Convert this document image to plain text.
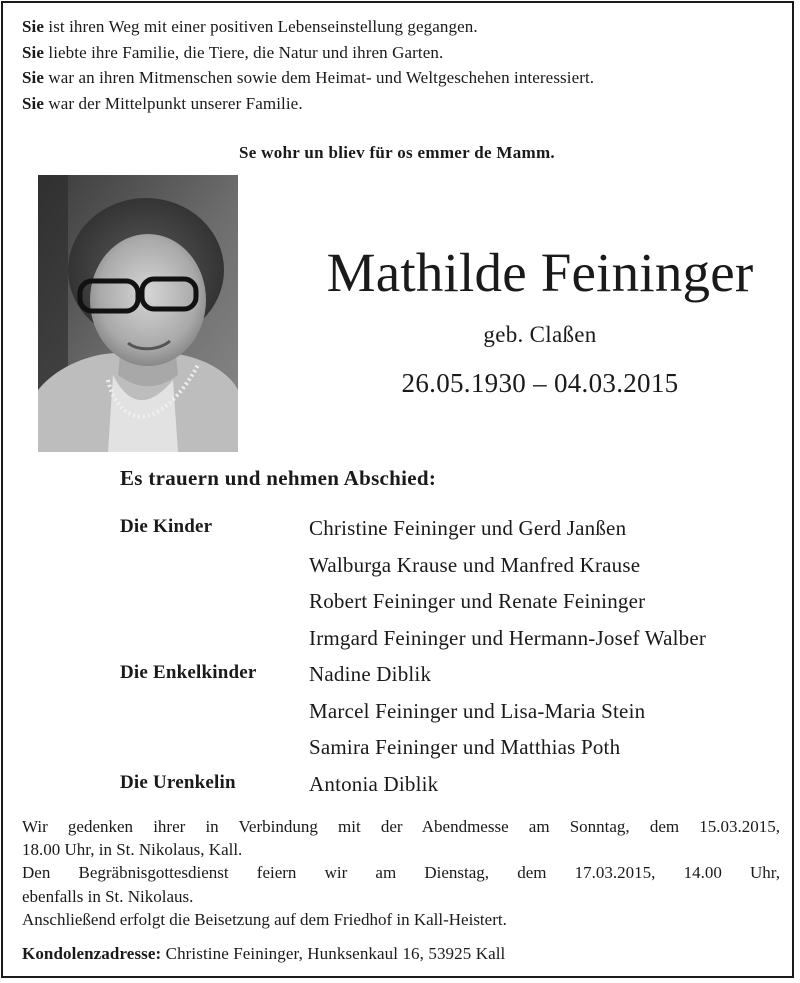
Sie ist ihren Weg mit einer positiven Lebenseinstellung gegangen.
Sie liebte ihre Familie, die Tiere, die Natur und ihren Garten.
Sie war an ihren Mitmenschen sowie dem Heimat- und Weltgeschehen interessiert.
Sie war der Mittelpunkt unserer Familie.
Se wohr un bliev für os emmer de Mamm.
Mathilde Feininger
geb. Claßen
26.05.1930 – 04.03.2015
Es trauern und nehmen Abschied:
Die Kinder	Christine Feininger und Gerd Janßen
Walburga Krause und Manfred Krause
Robert Feininger und Renate Feininger
Irmgard Feininger und Hermann-Josef Walber
Die Enkelkinder Nadine Diblik
Marcel Feininger und Lisa-Maria Stein
Samira Feininger und Matthias Poth
Die Urenkelin	Antonia Diblik
Wir gedenken ihrer in Verbindung mit der Abendmesse am Sonntag, dem 15.03.2015,
18.00 Uhr, in St. Nikolaus, Kall.
Den Begräbnisgottesdienst feiern wir am Dienstag, dem 17.03.2015, 14.00 Uhr,
ebenfalls in St. Nikolaus.
Anschließend erfolgt die Beisetzung auf dem Friedhof in Kall-Heistert.
Kondolenzadresse: Christine Feininger, Hunksenkaul 16, 53925 Kall
